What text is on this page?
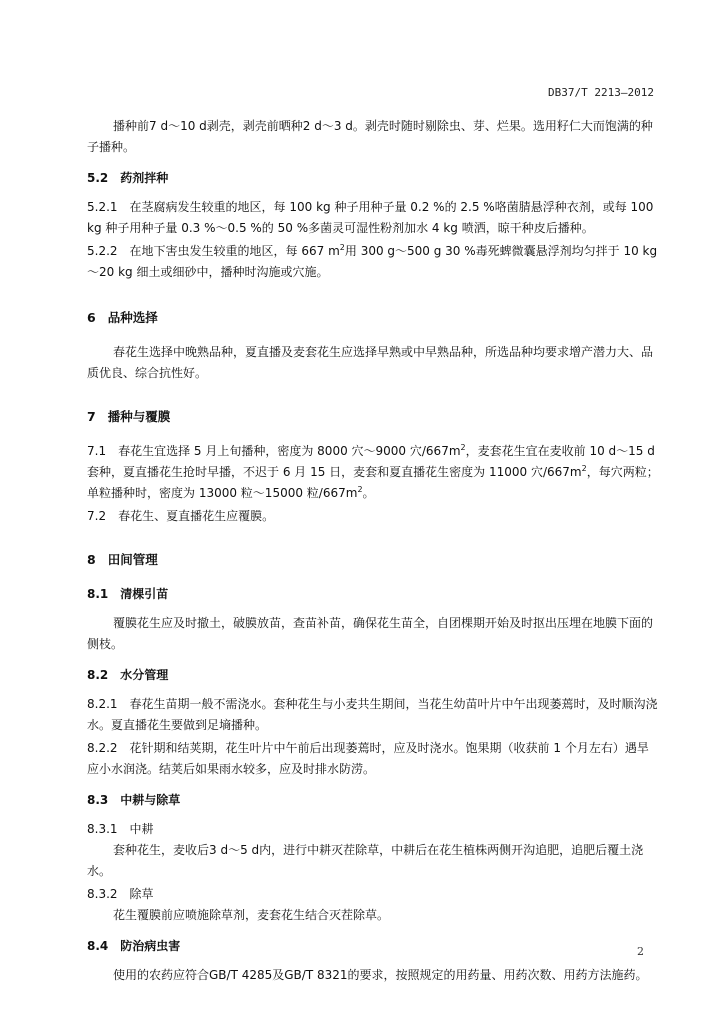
DB37/T 2213—2012

播种前7 d～10 d剥壳，剥壳前晒种2 d～3 d。剥壳时随时剔除虫、芽、烂果。选用籽仁大而饱满的种子播种。

5.2 药剂拌种

5.2.1 在茎腐病发生较重的地区，每 100 kg 种子用种子量 0.2 %的 2.5 %咯菌腈悬浮种衣剂，或每 100 kg 种子用种子量 0.3 %～0.5 %的 50 %多菌灵可湿性粉剂加水 4 kg 喷洒，晾干种皮后播种。

5.2.2 在地下害虫发生较重的地区，每 667 $m^2$用 300 g～500 g 30 %毒死蜱微囊悬浮剂均匀拌于 10 kg～20 kg 细土或细砂中，播种时沟施或穴施。

6 品种选择

春花生选择中晚熟品种，夏直播及麦套花生应选择早熟或中早熟品种，所选品种均要求增产潜力大、品质优良、综合抗性好。

7 播种与覆膜

7.1 春花生宜选择 5 月上旬播种，密度为 8000 穴～9000 穴$/667m^2$，麦套花生宜在麦收前 10 d～15 d 套种，夏直播花生抢时早播，不迟于 6 月 15 日，麦套和夏直播花生密度为 11000 穴$/667m^2$，每穴两粒；单粒播种时，密度为 13000 粒～15000 粒$/667m^2$。

7.2 春花生、夏直播花生应覆膜。

8 田间管理

8.1 清棵引苗

覆膜花生应及时撤土，破膜放苗，查苗补苗，确保花生苗全，自团棵期开始及时抠出压埋在地膜下面的侧枝。

8.2 水分管理

8.2.1 春花生苗期一般不需浇水。套种花生与小麦共生期间，当花生幼苗叶片中午出现萎蔫时，及时顺沟浇水。夏直播花生要做到足墒播种。

8.2.2 花针期和结荚期，花生叶片中午前后出现萎蔫时，应及时浇水。饱果期（收获前 1 个月左右）遇旱应小水润浇。结荚后如果雨水较多，应及时排水防涝。

8.3 中耕与除草

8.3.1 中耕

套种花生，麦收后3 d～5 d内，进行中耕灭茬除草，中耕后在花生植株两侧开沟追肥，追肥后覆土浇水。

8.3.2 除草

花生覆膜前应喷施除草剂，麦套花生结合灭茬除草。

8.4 防治病虫害

使用的农药应符合GB/T 4285及GB/T 8321的要求，按照规定的用药量、用药次数、用药方法施药。

2
